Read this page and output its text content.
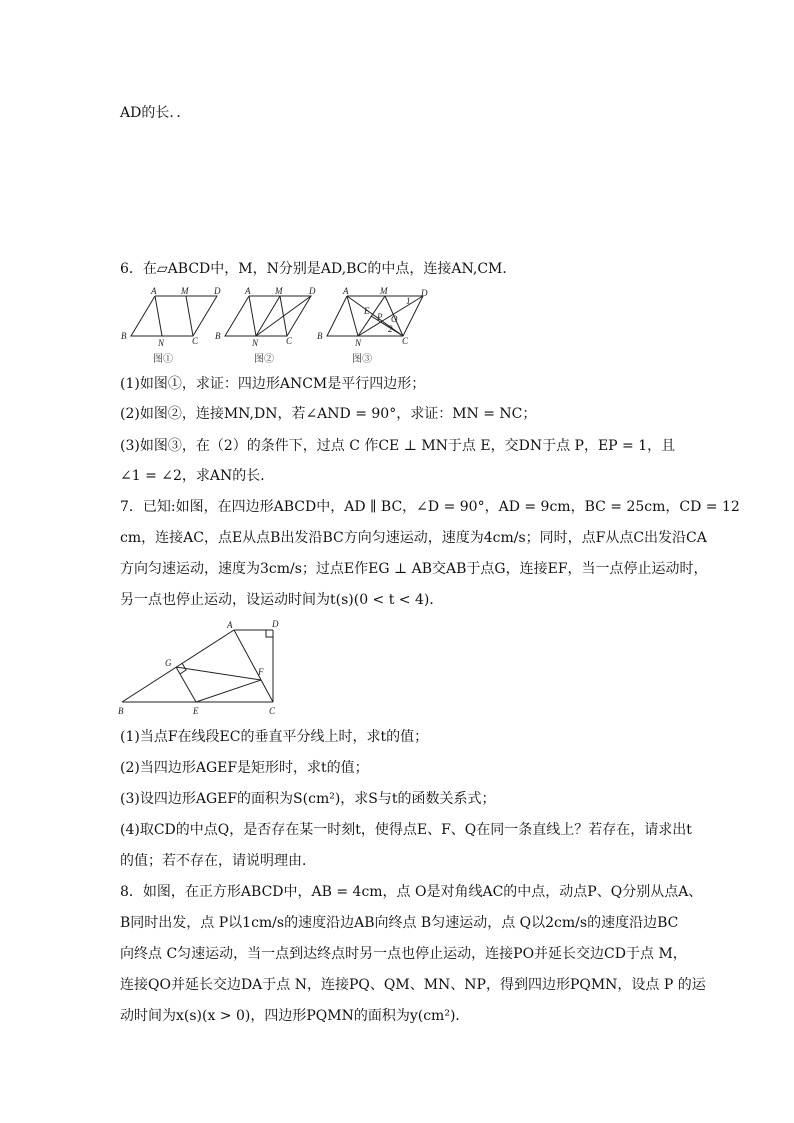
AD的长．．
6．在▱ABCD中，M，N分别是AD,BC的中点，连接AN,CM．
A	M	D
B
N	C
A	M	D
B
N	C
A	M	D
B
N	C
E
P O
1
2
图①	图②	图③
(1)如图①，求证：四边形ANCM是平行四边形；
(2)如图②，连接MN,DN，若∠AND = 90°，求证：MN = NC；
(3)如图③，在（2）的条件下，过点 C 作CE ⊥ MN于点 E，交DN于点 P，EP = 1，且
∠1 = ∠2，求AN的长．
7．已知:如图，在四边形ABCD中，AD ∥ BC，∠D = 90°，AD = 9cm，BC = 25cm，CD = 12
cm，连接AC，点E从点B出发沿BC方向匀速运动，速度为4cm/s；同时，点F从点C出发沿CA
方向匀速运动，速度为3cm/s；过点E作EG ⊥ AB交AB于点G，连接EF，当一点停止运动时，
另一点也停止运动，设运动时间为t(s)(0 < t < 4)．
A	D
G
F
B	E	C
(1)当点F在线段EC的垂直平分线上时，求t的值；
(2)当四边形AGEF是矩形时，求t的值；
(3)设四边形AGEF的面积为S(cm²)，求S与t的函数关系式；
(4)取CD的中点Q，是否存在某一时刻t，使得点E、F、Q在同一条直线上？若存在，请求出t
的值；若不存在，请说明理由．
8．如图，在正方形ABCD中，AB = 4cm，点 O是对角线AC的中点，动点P、Q分别从点A、
B同时出发，点 P以1cm/s的速度沿边AB向终点 B匀速运动，点 Q以2cm/s的速度沿边BC
向终点 C匀速运动，当一点到达终点时另一点也停止运动，连接PO并延长交边CD于点 M，
连接QO并延长交边DA于点 N，连接PQ、QM、MN、NP，得到四边形PQMN，设点 P 的运
动时间为x(s)(x > 0)，四边形PQMN的面积为y(cm²)．
